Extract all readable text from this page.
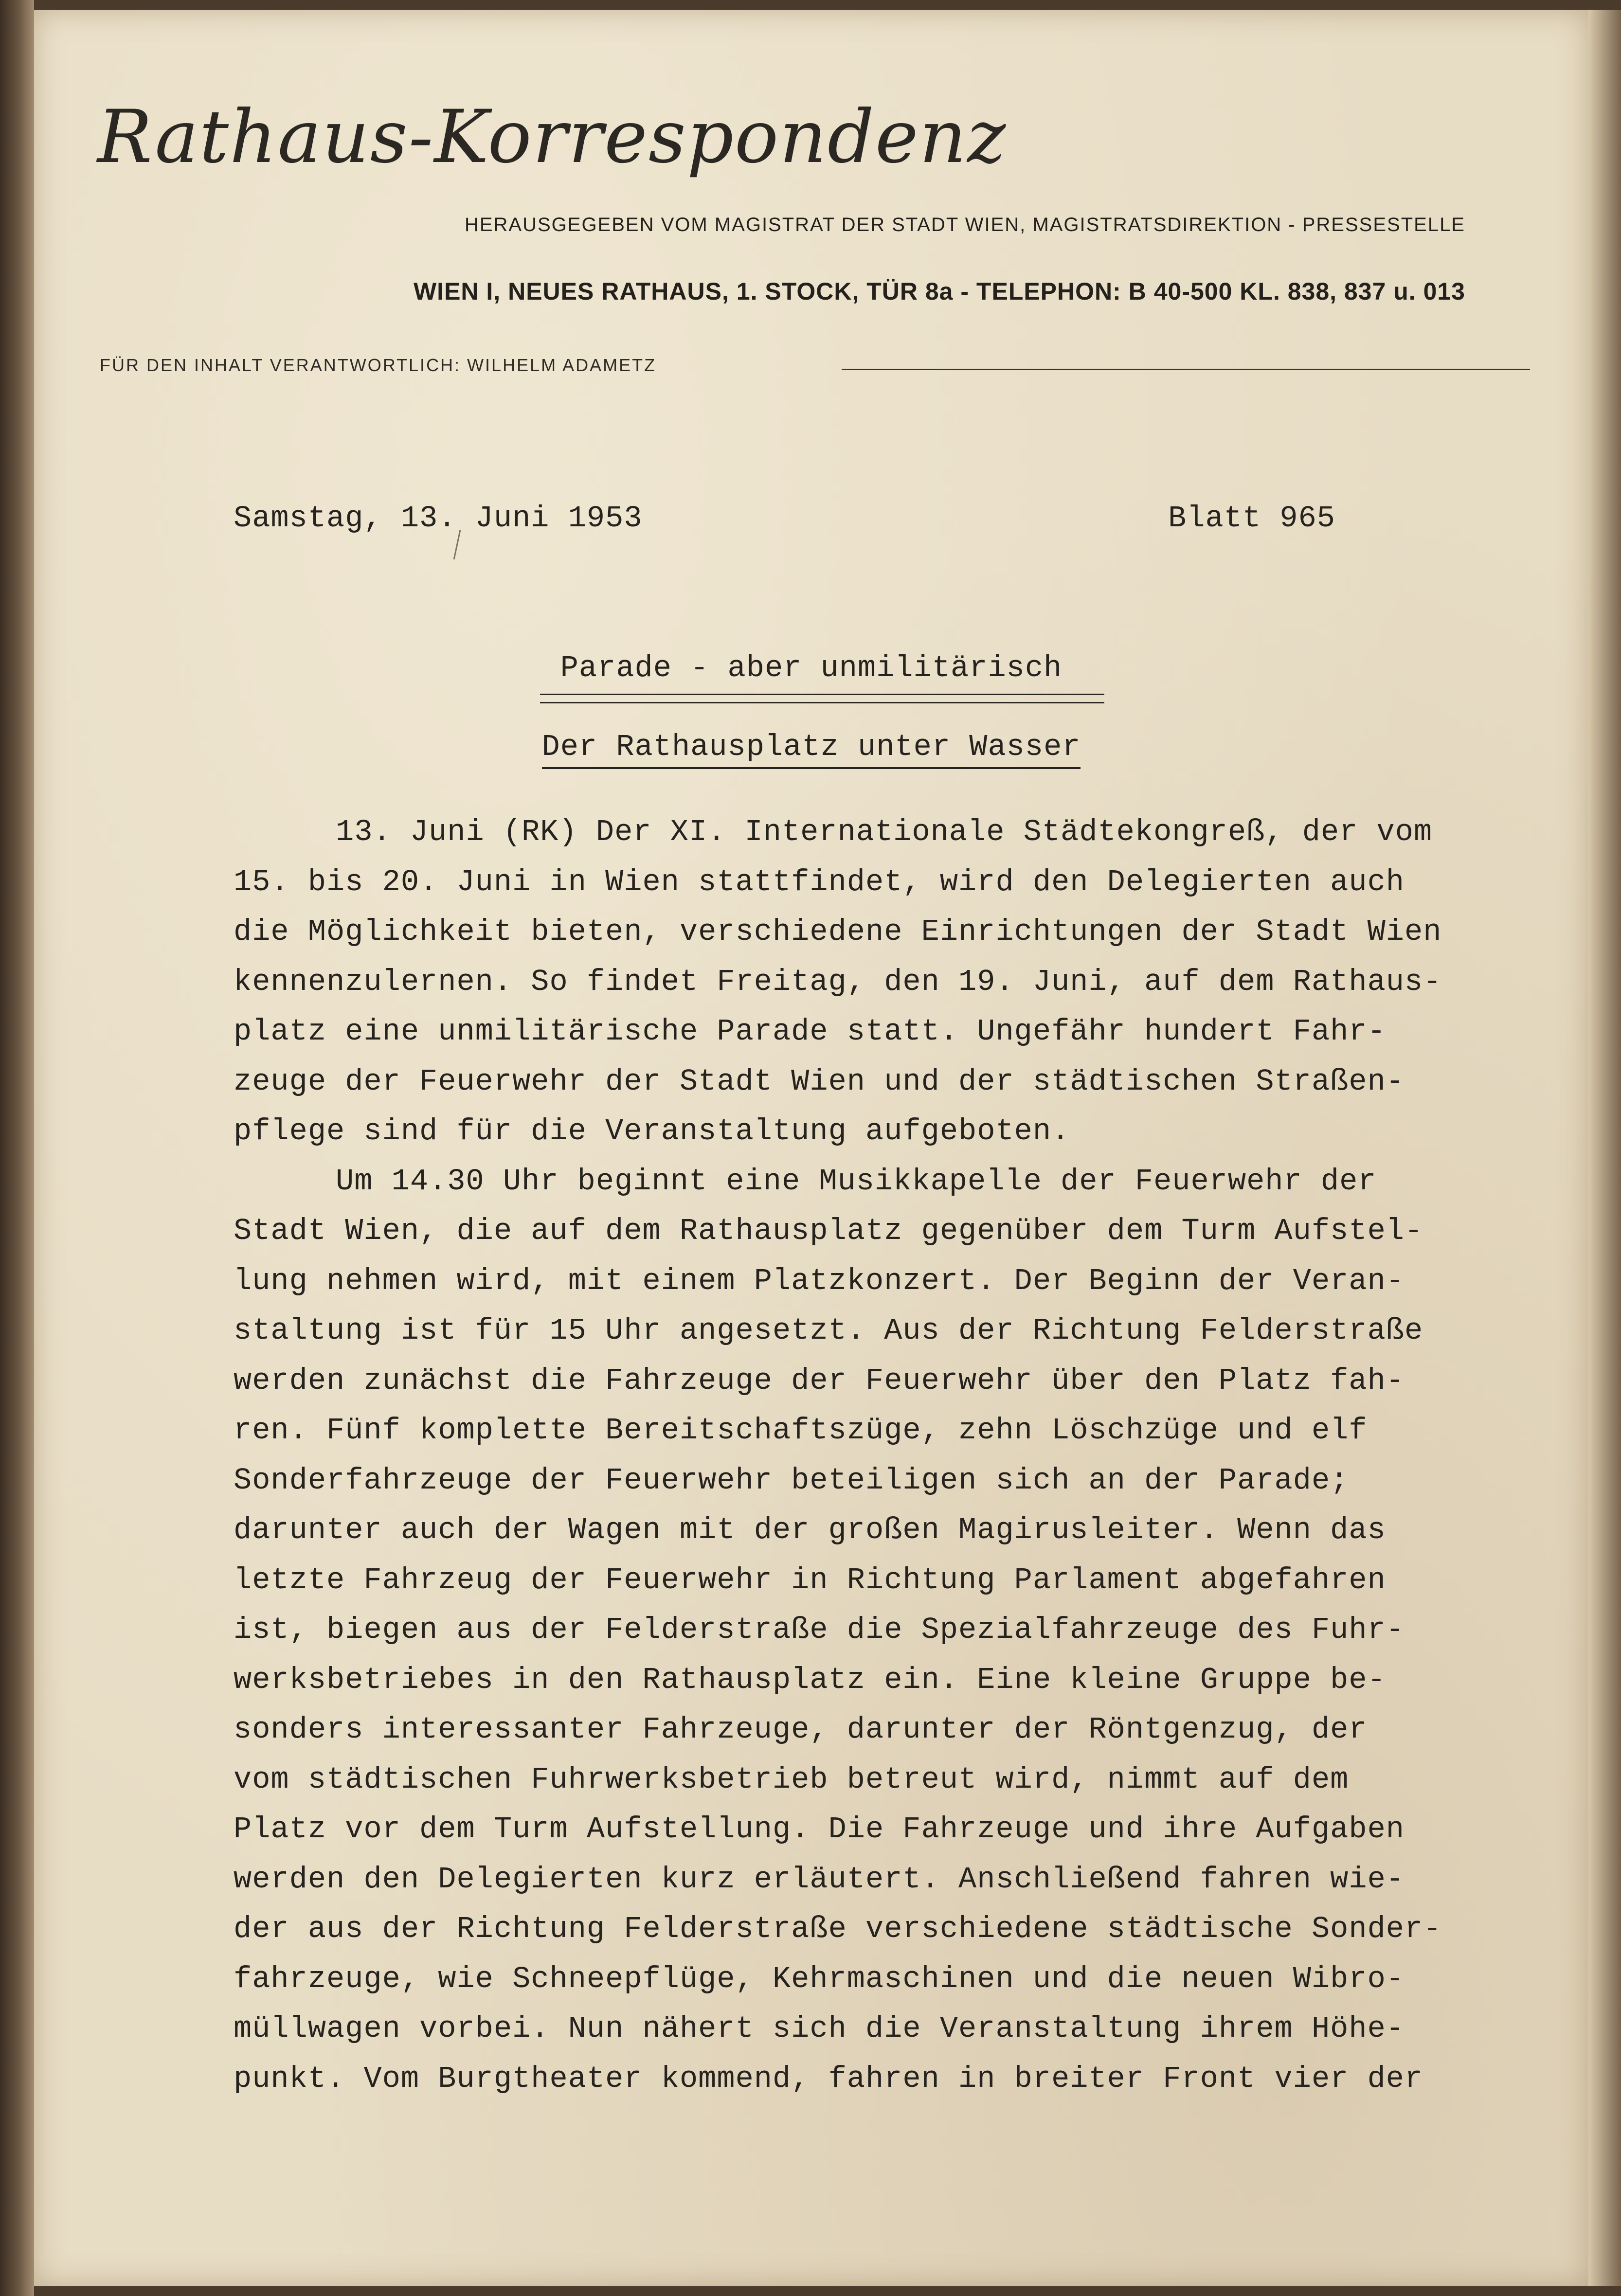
Rathaus-Korrespondenz
HERAUSGEGEBEN VOM MAGISTRAT DER STADT WIEN, MAGISTRATSDIREKTION - PRESSESTELLE
WIEN I, NEUES RATHAUS, 1. STOCK, TÜR 8a - TELEPHON: B 40-500 KL. 838, 837 u. 013
FÜR DEN INHALT VERANTWORTLICH: WILHELM ADAMETZ
Samstag, 13. Juni 1953	Blatt 965
Parade - aber unmilitärisch
Der Rathausplatz unter Wasser
13. Juni (RK) Der XI. Internationale Städtekongreß, der vom
15. bis 20. Juni in Wien stattfindet, wird den Delegierten auch
die Möglichkeit bieten, verschiedene Einrichtungen der Stadt Wien
kennenzulernen. So findet Freitag, den 19. Juni, auf dem Rathaus-
platz eine unmilitärische Parade statt. Ungefähr hundert Fahr-
zeuge der Feuerwehr der Stadt Wien und der städtischen Straßen-
pflege sind für die Veranstaltung aufgeboten.
Um 14.30 Uhr beginnt eine Musikkapelle der Feuerwehr der
Stadt Wien, die auf dem Rathausplatz gegenüber dem Turm Aufstel-
lung nehmen wird, mit einem Platzkonzert. Der Beginn der Veran-
staltung ist für 15 Uhr angesetzt. Aus der Richtung Felderstraße
werden zunächst die Fahrzeuge der Feuerwehr über den Platz fah-
ren. Fünf komplette Bereitschaftszüge, zehn Löschzüge und elf
Sonderfahrzeuge der Feuerwehr beteiligen sich an der Parade;
darunter auch der Wagen mit der großen Magirusleiter. Wenn das
letzte Fahrzeug der Feuerwehr in Richtung Parlament abgefahren
ist, biegen aus der Felderstraße die Spezialfahrzeuge des Fuhr-
werksbetriebes in den Rathausplatz ein. Eine kleine Gruppe be-
sonders interessanter Fahrzeuge, darunter der Röntgenzug, der
vom städtischen Fuhrwerksbetrieb betreut wird, nimmt auf dem
Platz vor dem Turm Aufstellung. Die Fahrzeuge und ihre Aufgaben
werden den Delegierten kurz erläutert. Anschließend fahren wie-
der aus der Richtung Felderstraße verschiedene städtische Sonder-
fahrzeuge, wie Schneepflüge, Kehrmaschinen und die neuen Wibro-
müllwagen vorbei. Nun nähert sich die Veranstaltung ihrem Höhe-
punkt. Vom Burgtheater kommend, fahren in breiter Front vier der
